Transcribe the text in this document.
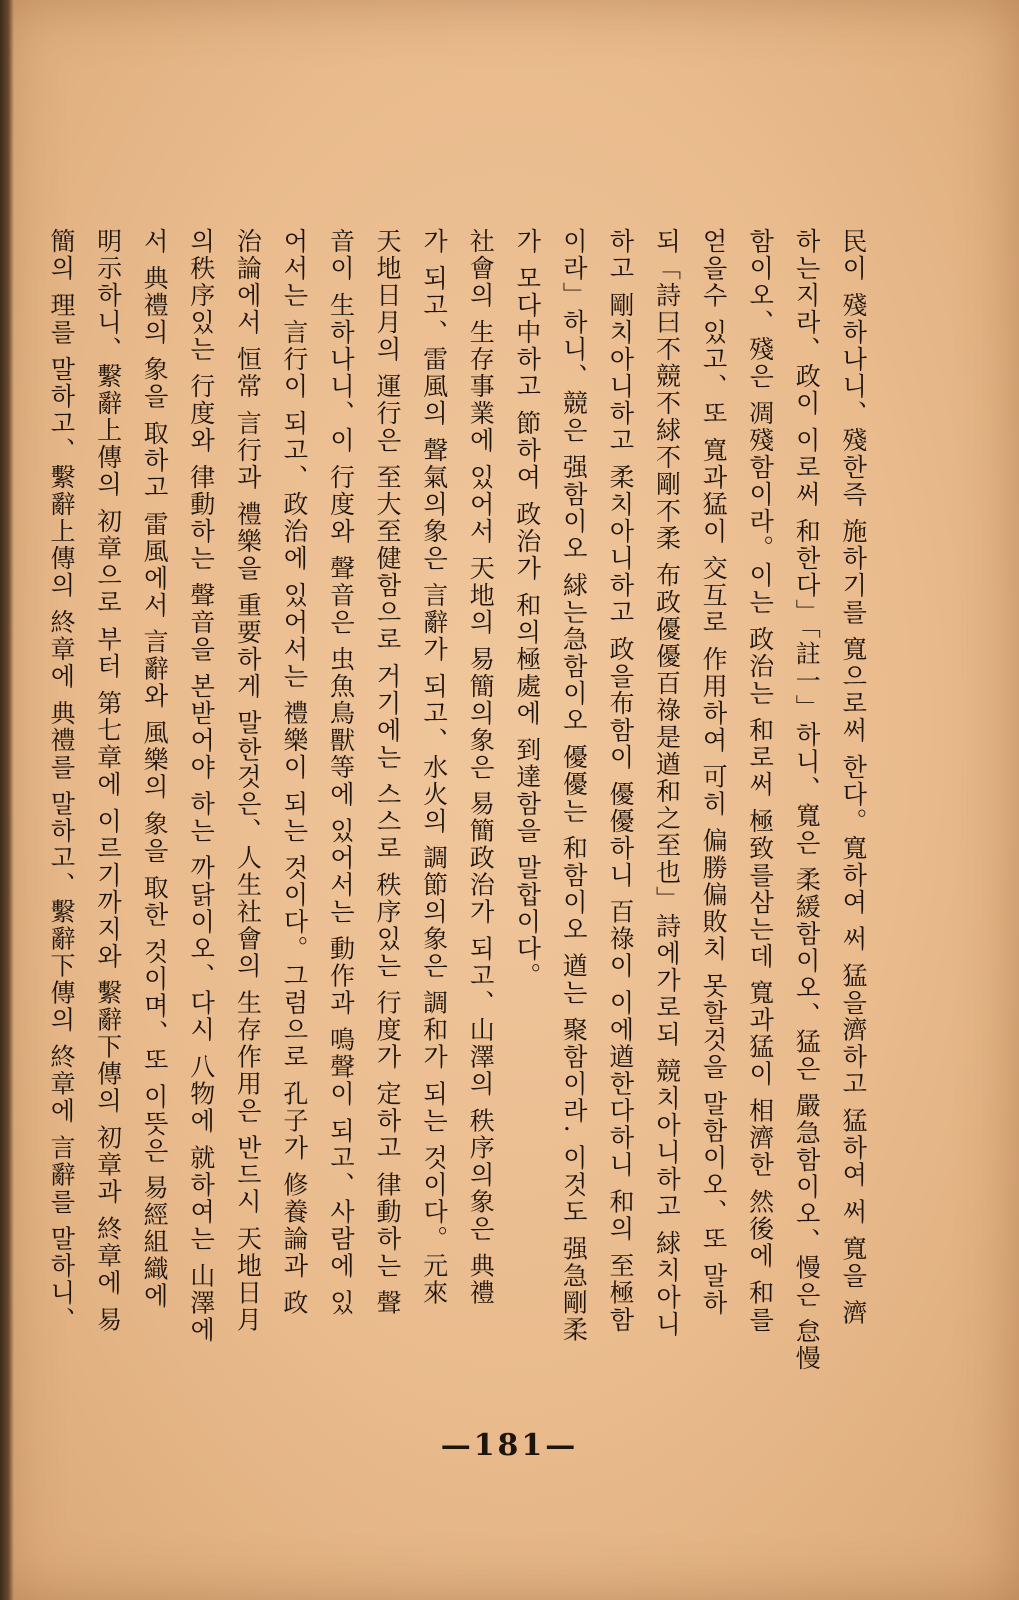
民이 殘하나니、殘한즉 施하기를 寬으로써 한다。寬하여 써 猛을濟하고 猛하여 써 寬을 濟
하는지라、政이 이로써 和한다」「註一」하니、寬은 柔緩함이오、猛은 嚴急함이오、慢은 怠慢
함이오、殘은 凋殘함이라。이는 政治는 和로써 極致를삼는데 寬과猛이 相濟한 然後에 和를
얻을수 있고、또 寬과猛이 交互로 作用하여 可히 偏勝偏敗치 못할것을 말함이오、또 말하
되「詩曰不競不絿不剛不柔 布政優優百祿是遒和之至也」詩에가로되 競치아니하고 絿치아니
하고 剛치아니하고 柔치아니하고 政을布함이 優優하니 百祿이 이에遒한다하니 和의 至極함
이라」하니、競은 强함이오 絿는急함이오 優優는 和함이오 遒는 聚함이라. 이것도 强急剛柔
가 모다中하고 節하여 政治가 和의極處에 到達함을 말합이다。
社會의 生存事業에 있어서 天地의 易簡의象은 易簡政治가 되고、山澤의 秩序의象은 典禮
가 되고、雷風의 聲氣의象은 言辭가 되고、水火의 調節의象은 調和가 되는 것이다。元來
天地日月의 運行은 至大至健함으로 거기에는 스스로 秩序있는 行度가 定하고 律動하는 聲
音이 生하나니、이 行度와 聲音은 虫魚鳥獸等에 있어서는 動作과 鳴聲이 되고、사람에 있
어서는 言行이 되고、政治에 있어서는 禮樂이 되는 것이다。그럼으로 孔子가 修養論과 政
治論에서 恒常 言行과 禮樂을 重要하게 말한것은、人生社會의 生存作用은 반드시 天地日月
의秩序있는 行度와 律動하는 聲音을 본받어야 하는 까닭이오、다시 八物에 就하여는 山澤에
서 典禮의 象을 取하고 雷風에서 言辭와 風樂의 象을 取한 것이며、또 이뜻은 易經組織에
明示하니、繫辭上傳의 初章으로 부터 第七章에 이르기까지와 繫辭下傳의 初章과 終章에 易
簡의 理를 말하고、繫辭上傳의 終章에 典禮를 말하고、繫辭下傳의 終章에 言辭를 말하니、
—181—
